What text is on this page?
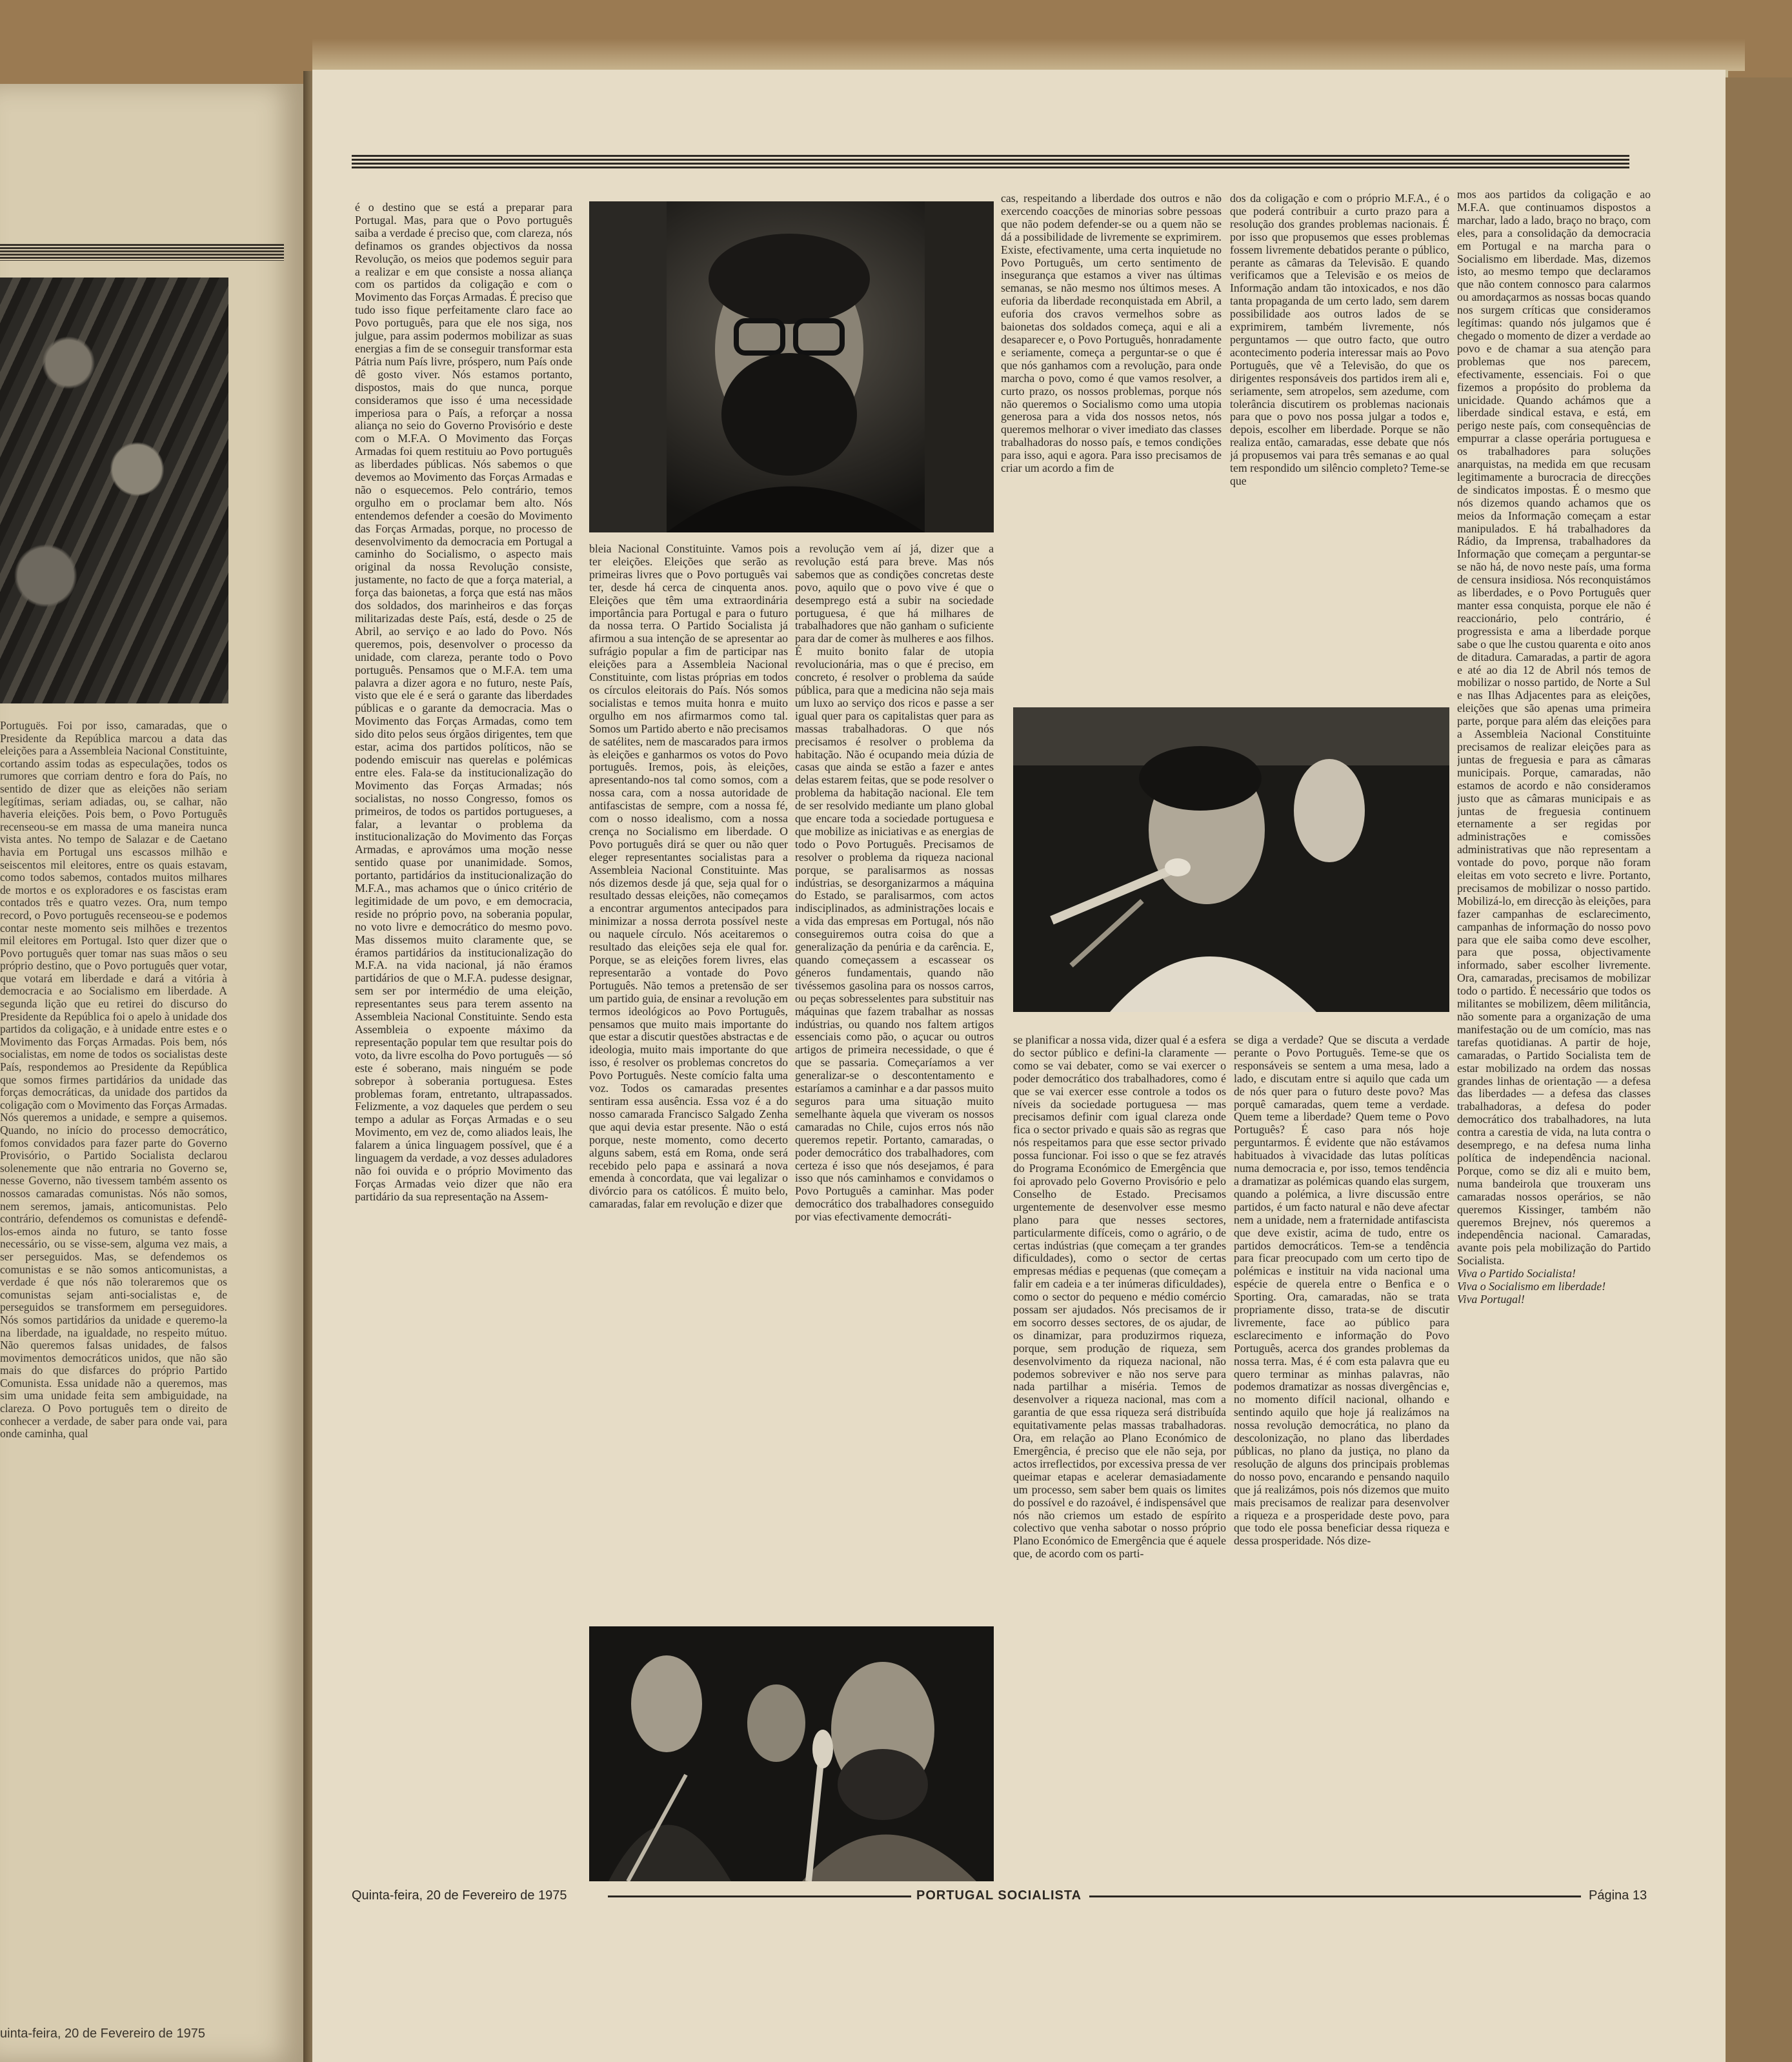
Portuguës. Foi por isso, camaradas, que o Presidente da República marcou a data das eleições para a Assembleia Nacional Constituinte, cortando assim todas as especulações, todos os rumores que corriam dentro e fora do País, no sentido de dizer que as eleições não seriam legítimas, seriam adiadas, ou, se calhar, não haveria eleições. Pois bem, o Povo Português recenseou-se em massa de uma maneira nunca vista antes. No tempo de Salazar e de Caetano havia em Portugal uns escassos milhão e seiscentos mil eleitores, entre os quais estavam, como todos sabemos, contados muitos milhares de mortos e os exploradores e os fascistas eram contados três e quatro vezes. Ora, num tempo record, o Povo português recenseou-se e podemos contar neste momento seis milhões e trezentos mil eleitores em Portugal. Isto quer dizer que o Povo português quer tomar nas suas mãos o seu próprio destino, que o Povo português quer votar, que votará em liberdade e dará a vitória à democracia e ao Socialismo em liberdade. A segunda lição que eu retirei do discurso do Presidente da República foi o apelo à unidade dos partidos da coligação, e à unidade entre estes e o Movimento das Forças Armadas. Pois bem, nós socialistas, em nome de todos os socialistas deste País, respondemos ao Presidente da República que somos firmes partidários da unidade das forças democráticas, da unidade dos partidos da coligação com o Movimento das Forças Armadas. Nós queremos a unidade, e sempre a quisemos. Quando, no início do processo democrático, fomos convidados para fazer parte do Governo Provisório, o Partido Socialista declarou solenemente que não entraria no Governo se, nesse Governo, não tivessem também assento os nossos camaradas comunistas. Nós não somos, nem seremos, jamais, anticomunistas. Pelo contrário, defendemos os comunistas e defendê-los-emos ainda no futuro, se tanto fosse necessário, ou se visse-sem, alguma vez mais, a ser perseguidos. Mas, se defendemos os comunistas e se não somos anticomunistas, a verdade é que nós não toleraremos que os comunistas sejam anti-socialistas e, de perseguidos se transformem em perseguidores. Nós somos partidários da unidade e queremo-la na liberdade, na igualdade, no respeito mútuo. Não queremos falsas unidades, de falsos movimentos democráticos unidos, que não são mais do que disfarces do próprio Partido Comunista. Essa unidade não a queremos, mas sim uma unidade feita sem ambiguidade, na clareza. O Povo português tem o direito de conhecer a verdade, de saber para onde vai, para onde caminha, qual
uinta-feira, 20 de Fevereiro de 1975

é o destino que se está a preparar para Portugal. Mas, para que o Povo português saiba a verdade é preciso que, com clareza, nós definamos os grandes objectivos da nossa Revolução, os meios que podemos seguir para a realizar e em que consiste a nossa aliança com os partidos da coligação e com o Movimento das Forças Armadas. É preciso que tudo isso fique perfeitamente claro face ao Povo português, para que ele nos siga, nos julgue, para assim podermos mobilizar as suas energias a fim de se conseguir transformar esta Pátria num País livre, próspero, num País onde dê gosto viver. Nós estamos portanto, dispostos, mais do que nunca, porque consideramos que isso é uma necessidade imperiosa para o País, a reforçar a nossa aliança no seio do Governo Provisório e deste com o M.F.A. O Movimento das Forças Armadas foi quem restituiu ao Povo português as liberdades públicas. Nós sabemos o que devemos ao Movimento das Forças Armadas e não o esquecemos. Pelo contrário, temos orgulho em o proclamar bem alto. Nós entendemos defender a coesão do Movimento das Forças Armadas, porque, no processo de desenvolvimento da democracia em Portugal a caminho do Socialismo, o aspecto mais original da nossa Revolução consiste, justamente, no facto de que a força material, a força das baionetas, a força que está nas mãos dos soldados, dos marinheiros e das forças militarizadas deste País, está, desde o 25 de Abril, ao serviço e ao lado do Povo. Nós queremos, pois, desenvolver o processo da unidade, com clareza, perante todo o Povo português. Pensamos que o M.F.A. tem uma palavra a dizer agora e no futuro, neste País, visto que ele é e será o garante das liberdades públicas e o garante da democracia. Mas o Movimento das Forças Armadas, como tem sido dito pelos seus órgãos dirigentes, tem que estar, acima dos partidos políticos, não se podendo emiscuir nas querelas e polémicas entre eles. Fala-se da institucionalização do Movimento das Forças Armadas; nós socialistas, no nosso Congresso, fomos os primeiros, de todos os partidos portugueses, a falar, a levantar o problema da institucionalização do Movimento das Forças Armadas, e aprovámos uma moção nesse sentido quase por unanimidade. Somos, portanto, partidários da institucionalização do M.F.A., mas achamos que o único critério de legitimidade de um povo, e em democracia, reside no próprio povo, na soberania popular, no voto livre e democrático do mesmo povo. Mas dissemos muito claramente que, se éramos partidários da institucionalização do M.F.A. na vida nacional, já não éramos partidários de que o M.F.A. pudesse designar, sem ser por intermédio de uma eleição, representantes seus para terem assento na Assembleia Nacional Constituinte. Sendo esta Assembleia o expoente máximo da representação popular tem que resultar pois do voto, da livre escolha do Povo português — só este é soberano, mais ninguém se pode sobrepor à soberania portuguesa. Estes problemas foram, entretanto, ultrapassados. Felizmente, a voz daqueles que perdem o seu tempo a adular as Forças Armadas e o seu Movimento, em vez de, como aliados leais, lhe falarem a única linguagem possível, que é a linguagem da verdade, a voz desses aduladores não foi ouvida e o próprio Movimento das Forças Armadas veio dizer que não era partidário da sua representação na Assem-

bleia Nacional Constituinte. Vamos pois ter eleições. Eleições que serão as primeiras livres que o Povo português vai ter, desde há cerca de cinquenta anos. Eleições que têm uma extraordinária importância para Portugal e para o futuro da nossa terra. O Partido Socialista já afirmou a sua intenção de se apresentar ao sufrágio popular a fim de participar nas eleições para a Assembleia Nacional Constituinte, com listas próprias em todos os círculos eleitorais do País. Nós somos socialistas e temos muita honra e muito orgulho em nos afirmarmos como tal. Somos um Partido aberto e não precisamos de satélites, nem de mascarados para irmos às eleições e ganharmos os votos do Povo português. Iremos, pois, às eleições, apresentando-nos tal como somos, com a nossa cara, com a nossa autoridade de antifascistas de sempre, com a nossa fé, com o nosso idealismo, com a nossa crença no Socialismo em liberdade. O Povo português dirá se quer ou não quer eleger representantes socialistas para a Assembleia Nacional Constituinte. Mas nós dizemos desde já que, seja qual for o resultado dessas eleições, não começamos a encontrar argumentos antecipados para minimizar a nossa derrota possível neste ou naquele círculo. Nós aceitaremos o resultado das eleições seja ele qual for. Porque, se as eleições forem livres, elas representarão a vontade do Povo Português. Não temos a pretensão de ser um partido guia, de ensinar a revolução em termos ideológicos ao Povo Português, pensamos que muito mais importante do que estar a discutir questões abstractas e de ideologia, muito mais importante do que isso, é resolver os problemas concretos do Povo Português. Neste comício falta uma voz. Todos os camaradas presentes sentiram essa ausência. Essa voz é a do nosso camarada Francisco Salgado Zenha que aqui devia estar presente. Não o está porque, neste momento, como decerto alguns sabem, está em Roma, onde será recebido pelo papa e assinará a nova emenda à concordata, que vai legalizar o divórcio para os católicos. É muito belo, camaradas, falar em revolução e dizer que

a revolução vem aí já, dizer que a revolução está para breve. Mas nós sabemos que as condições concretas deste povo, aquilo que o povo vive é que o desemprego está a subir na sociedade portuguesa, é que há milhares de trabalhadores que não ganham o suficiente para dar de comer às mulheres e aos filhos. É muito bonito falar de utopia revolucionária, mas o que é preciso, em concreto, é resolver o problema da saúde pública, para que a medicina não seja mais um luxo ao serviço dos ricos e passe a ser igual quer para os capitalistas quer para as massas trabalhadoras. O que nós precisamos é resolver o problema da habitação. Não é ocupando meia dúzia de casas que ainda se estão a fazer e antes delas estarem feitas, que se pode resolver o problema da habitação nacional. Ele tem de ser resolvido mediante um plano global que encare toda a sociedade portuguesa e que mobilize as iniciativas e as energias de todo o Povo Português. Precisamos de resolver o problema da riqueza nacional porque, se paralisarmos as nossas indústrias, se desorganizarmos a máquina do Estado, se paralisarmos, com actos indisciplinados, as administrações locais e a vida das empresas em Portugal, nós não conseguiremos outra coisa do que a generalização da penúria e da carência. E, quando começassem a escassear os géneros fundamentais, quando não tivéssemos gasolina para os nossos carros, ou peças sobresselentes para substituir nas máquinas que fazem trabalhar as nossas indústrias, ou quando nos faltem artigos essenciais como pão, o açucar ou outros artigos de primeira necessidade, o que é que se passaria. Começaríamos a ver generalizar-se o descontentamento e estaríamos a caminhar e a dar passos muito seguros para uma situação muito semelhante àquela que viveram os nossos camaradas no Chile, cujos erros nós não queremos repetir. Portanto, camaradas, o poder democrático dos trabalhadores, com certeza é isso que nós desejamos, é para isso que nós caminhamos e convidamos o Povo Português a caminhar. Mas poder democrático dos trabalhadores conseguido por vias efectivamente democráti-

cas, respeitando a liberdade dos outros e não exercendo coacções de minorias sobre pessoas que não podem defender-se ou a quem não se dá a possibilidade de livremente se exprimirem. Existe, efectivamente, uma certa inquietude no Povo Português, um certo sentimento de insegurança que estamos a viver nas últimas semanas, se não mesmo nos últimos meses. A euforia da liberdade reconquistada em Abril, a euforia dos cravos vermelhos sobre as baionetas dos soldados começa, aqui e ali a desaparecer e, o Povo Português, honradamente e seriamente, começa a perguntar-se o que é que nós ganhamos com a revolução, para onde marcha o povo, como é que vamos resolver, a curto prazo, os nossos problemas, porque nós não queremos o Socialismo como uma utopia generosa para a vida dos nossos netos, nós queremos melhorar o viver imediato das classes trabalhadoras do nosso país, e temos condições para isso, aqui e agora. Para isso precisamos de criar um acordo a fim de

dos da coligação e com o próprio M.F.A., é o que poderá contribuir a curto prazo para a resolução dos grandes problemas nacionais. É por isso que propusemos que esses problemas fossem livremente debatidos perante o público, perante as câmaras da Televisão. E quando verificamos que a Televisão e os meios de Informação andam tão intoxicados, e nos dão tanta propaganda de um certo lado, sem darem possibilidade aos outros lados de se exprimirem, também livremente, nós perguntamos — que outro facto, que outro acontecimento poderia interessar mais ao Povo Português, que vê a Televisão, do que os dirigentes responsáveis dos partidos irem ali e, seriamente, sem atropelos, sem azedume, com tolerância discutirem os problemas nacionais para que o povo nos possa julgar a todos e, depois, escolher em liberdade. Porque se não realiza então, camaradas, esse debate que nós já propusemos vai para três semanas e ao qual tem respondido um silêncio completo? Teme-se que

se planificar a nossa vida, dizer qual é a esfera do sector público e defini-la claramente — como se vai debater, como se vai exercer o poder democrático dos trabalhadores, como é que se vai exercer esse controle a todos os níveis da sociedade portuguesa — mas precisamos definir com igual clareza onde fica o sector privado e quais são as regras que nós respeitamos para que esse sector privado possa funcionar. Foi isso o que se fez através do Programa Económico de Emergência que foi aprovado pelo Governo Provisório e pelo Conselho de Estado. Precisamos urgentemente de desenvolver esse mesmo plano para que nesses sectores, particularmente difíceis, como o agrário, o de certas indústrias (que começam a ter grandes dificuldades), como o sector de certas empresas médias e pequenas (que começam a falir em cadeia e a ter inúmeras dificuldades), como o sector do pequeno e médio comércio possam ser ajudados. Nós precisamos de ir em socorro desses sectores, de os ajudar, de os dinamizar, para produzirmos riqueza, porque, sem produção de riqueza, sem desenvolvimento da riqueza nacional, não podemos sobreviver e não nos serve para nada partilhar a miséria. Temos de desenvolver a riqueza nacional, mas com a garantia de que essa riqueza será distribuída equitativamente pelas massas trabalhadoras. Ora, em relação ao Plano Económico de Emergência, é preciso que ele não seja, por actos irreflectidos, por excessiva pressa de ver queimar etapas e acelerar demasiadamente um processo, sem saber bem quais os limites do possível e do razoável, é indispensável que nós não criemos um estado de espírito colectivo que venha sabotar o nosso próprio Plano Económico de Emergência que é aquele que, de acordo com os parti-

se diga a verdade? Que se discuta a verdade perante o Povo Português. Teme-se que os responsáveis se sentem a uma mesa, lado a lado, e discutam entre si aquilo que cada um de nós quer para o futuro deste povo? Mas porquê camaradas, quem teme a verdade. Quem teme a liberdade? Quem teme o Povo Português? É caso para nós hoje perguntarmos. É evidente que não estávamos habituados à vivacidade das lutas políticas numa democracia e, por isso, temos tendência a dramatizar as polémicas quando elas surgem, quando a polémica, a livre discussão entre partidos, é um facto natural e não deve afectar nem a unidade, nem a fraternidade antifascista que deve existir, acima de tudo, entre os partidos democráticos. Tem-se a tendência para ficar preocupado com um certo tipo de polémicas e instituir na vida nacional uma espécie de querela entre o Benfica e o Sporting. Ora, camaradas, não se trata propriamente disso, trata-se de discutir livremente, face ao público para esclarecimento e informação do Povo Português, acerca dos grandes problemas da nossa terra. Mas, é é com esta palavra que eu quero terminar as minhas palavras, não podemos dramatizar as nossas divergências e, no momento difícil nacional, olhando e sentindo aquilo que hoje já realizámos na nossa revolução democrática, no plano da descolonização, no plano das liberdades públicas, no plano da justiça, no plano da resolução de alguns dos principais problemas do nosso povo, encarando e pensando naquilo que já realizámos, pois nós dizemos que muito mais precisamos de realizar para desenvolver a riqueza e a prosperidade deste povo, para que todo ele possa beneficiar dessa riqueza e dessa prosperidade. Nós dize-

mos aos partidos da coligação e ao M.F.A. que continuamos dispostos a marchar, lado a lado, braço no braço, com eles, para a consolidação da democracia em Portugal e na marcha para o Socialismo em liberdade. Mas, dizemos isto, ao mesmo tempo que declaramos que não contem connosco para calarmos ou amordaçarmos as nossas bocas quando nos surgem críticas que consideramos legítimas: quando nós julgamos que é chegado o momento de dizer a verdade ao povo e de chamar a sua atenção para problemas que nos parecem, efectivamente, essenciais. Foi o que fizemos a propósito do problema da unicidade. Quando achámos que a liberdade sindical estava, e está, em perigo neste país, com consequências de empurrar a classe operária portuguesa e os trabalhadores para soluções anarquistas, na medida em que recusam legitimamente a burocracia de direcções de sindicatos impostas. É o mesmo que nós dizemos quando achamos que os meios da Informação começam a estar manipulados. E há trabalhadores da Rádio, da Imprensa, trabalhadores da Informação que começam a perguntar-se se não há, de novo neste país, uma forma de censura insidiosa. Nós reconquistámos as liberdades, e o Povo Português quer manter essa conquista, porque ele não é reaccionário, pelo contrário, é progressista e ama a liberdade porque sabe o que lhe custou quarenta e oito anos de ditadura. Camaradas, a partir de agora e até ao dia 12 de Abril nós temos de mobilizar o nosso partido, de Norte a Sul e nas Ilhas Adjacentes para as eleições, eleições que são apenas uma primeira parte, porque para além das eleições para a Assembleia Nacional Constituinte precisamos de realizar eleições para as juntas de freguesia e para as câmaras municipais. Porque, camaradas, não estamos de acordo e não consideramos justo que as câmaras municipais e as juntas de freguesia continuem eternamente a ser regidas por administrações e comissões administrativas que não representam a vontade do povo, porque não foram eleitas em voto secreto e livre. Portanto, precisamos de mobilizar o nosso partido. Mobilizá-lo, em direcção às eleições, para fazer campanhas de esclarecimento, campanhas de informação do nosso povo para que ele saiba como deve escolher, para que possa, objectivamente informado, saber escolher livremente. Ora, camaradas, precisamos de mobilizar todo o partido. É necessário que todos os militantes se mobilizem, dêem militância, não somente para a organização de uma manifestação ou de um comício, mas nas tarefas quotidianas. A partir de hoje, camaradas, o Partido Socialista tem de estar mobilizado na ordem das nossas grandes linhas de orientação — a defesa das liberdades — a defesa das classes trabalhadoras, a defesa do poder democrático dos trabalhadores, na luta contra a carestia de vida, na luta contra o desemprego, e na defesa numa linha política de independência nacional. Porque, como se diz ali e muito bem, numa bandeirola que trouxeram uns camaradas nossos operários, se não queremos Kissinger, também não queremos Brejnev, nós queremos a independência nacional. Camaradas, avante pois pela mobilização do Partido Socialista.

Viva o Partido Socialista!

Viva o Socialismo em liberdade!

Viva Portugal!

Quinta-feira, 20 de Fevereiro de 1975	PORTUGAL SOCIALISTA	Página 13
